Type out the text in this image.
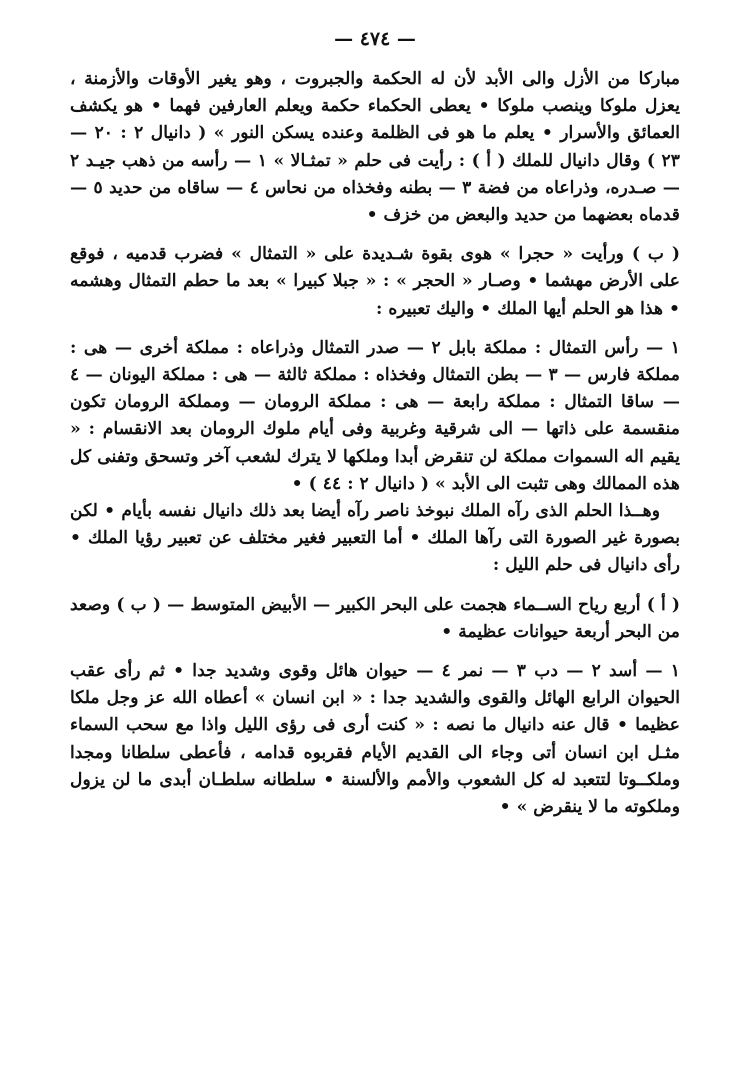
— ٤٧٤ —

مباركا من الأزل والى الأبد لأن له الحكمة والجبروت ، وهو يغير الأوقات والأزمنة ، يعزل ملوكا وينصب ملوكا • يعطى الحكماء حكمة ويعلم العارفين فهما • هو يكشف العمائق والأسرار • يعلم ما هو فى الظلمة وعنده يسكن النور » ( دانيال ٢ : ٢٠ — ٢٣ ) وقال دانيال للملك ( أ ) : رأيت فى حلم « تمثـالا » ١ — رأسه من ذهب جيـد ٢ — صـدره، وذراعاه من فضة ٣ — بطنه وفخذاه من نحاس ٤ — ساقاه من حديد ٥ — قدماه بعضهما من حديد والبعض من خزف •

( ب ) ورأيت « حجرا » هوى بقوة شـديدة على « التمثال » فضرب قدميه ، فوقع على الأرض مهشما • وصـار « الحجر » : « جبلا كبيرا » بعد ما حطم التمثال وهشمه • هذا هو الحلم أيها الملك • واليك تعبيره :

١ — رأس التمثال : مملكة بابل ٢ — صدر التمثال وذراعاه : مملكة أخرى — هى : مملكة فارس — ٣ — بطن التمثال وفخذاه : مملكة ثالثة — هى : مملكة اليونان — ٤ — ساقا التمثال : مملكة رابعة — هى : مملكة الرومان — ومملكة الرومان تكون منقسمة على ذاتها — الى شرقية وغربية وفى أيام ملوك الرومان بعد الانقسام : « يقيم اله السموات مملكة لن تنقرض أبدا وملكها لا يترك لشعب آخر وتسحق وتفنى كل هذه الممالك وهى تثبت الى الأبد » ( دانيال ٢ : ٤٤ ) •

وهــذا الحلم الذى رآه الملك نبوخذ ناصر رآه أيضا بعد ذلك دانيال نفسه بأيام • لكن بصورة غير الصورة التى رآها الملك • أما التعبير فغير مختلف عن تعبير رؤيا الملك • رأى دانيال فى حلم الليل :

( أ ) أربع رياح الســماء هجمت على البحر الكبير — الأبيض المتوسط — ( ب ) وصعد من البحر أربعة حيوانات عظيمة •

١ — أسد ٢ — دب ٣ — نمر ٤ — حيوان هائل وقوى وشديد جدا • ثم رأى عقب الحيوان الرابع الهائل والقوى والشديد جدا : « ابن انسان » أعطاه الله عز وجل ملكا عظيما • قال عنه دانيال ما نصه : « كنت أرى فى رؤى الليل واذا مع سحب السماء مثـل ابن انسان أتى وجاء الى القديم الأيام فقربوه قدامه ، فأعطى سلطانا ومجدا وملكــوتا لتتعبد له كل الشعوب والأمم والألسنة • سلطانه سلطـان أبدى ما لن يزول وملكوته ما لا ينقرض » •
